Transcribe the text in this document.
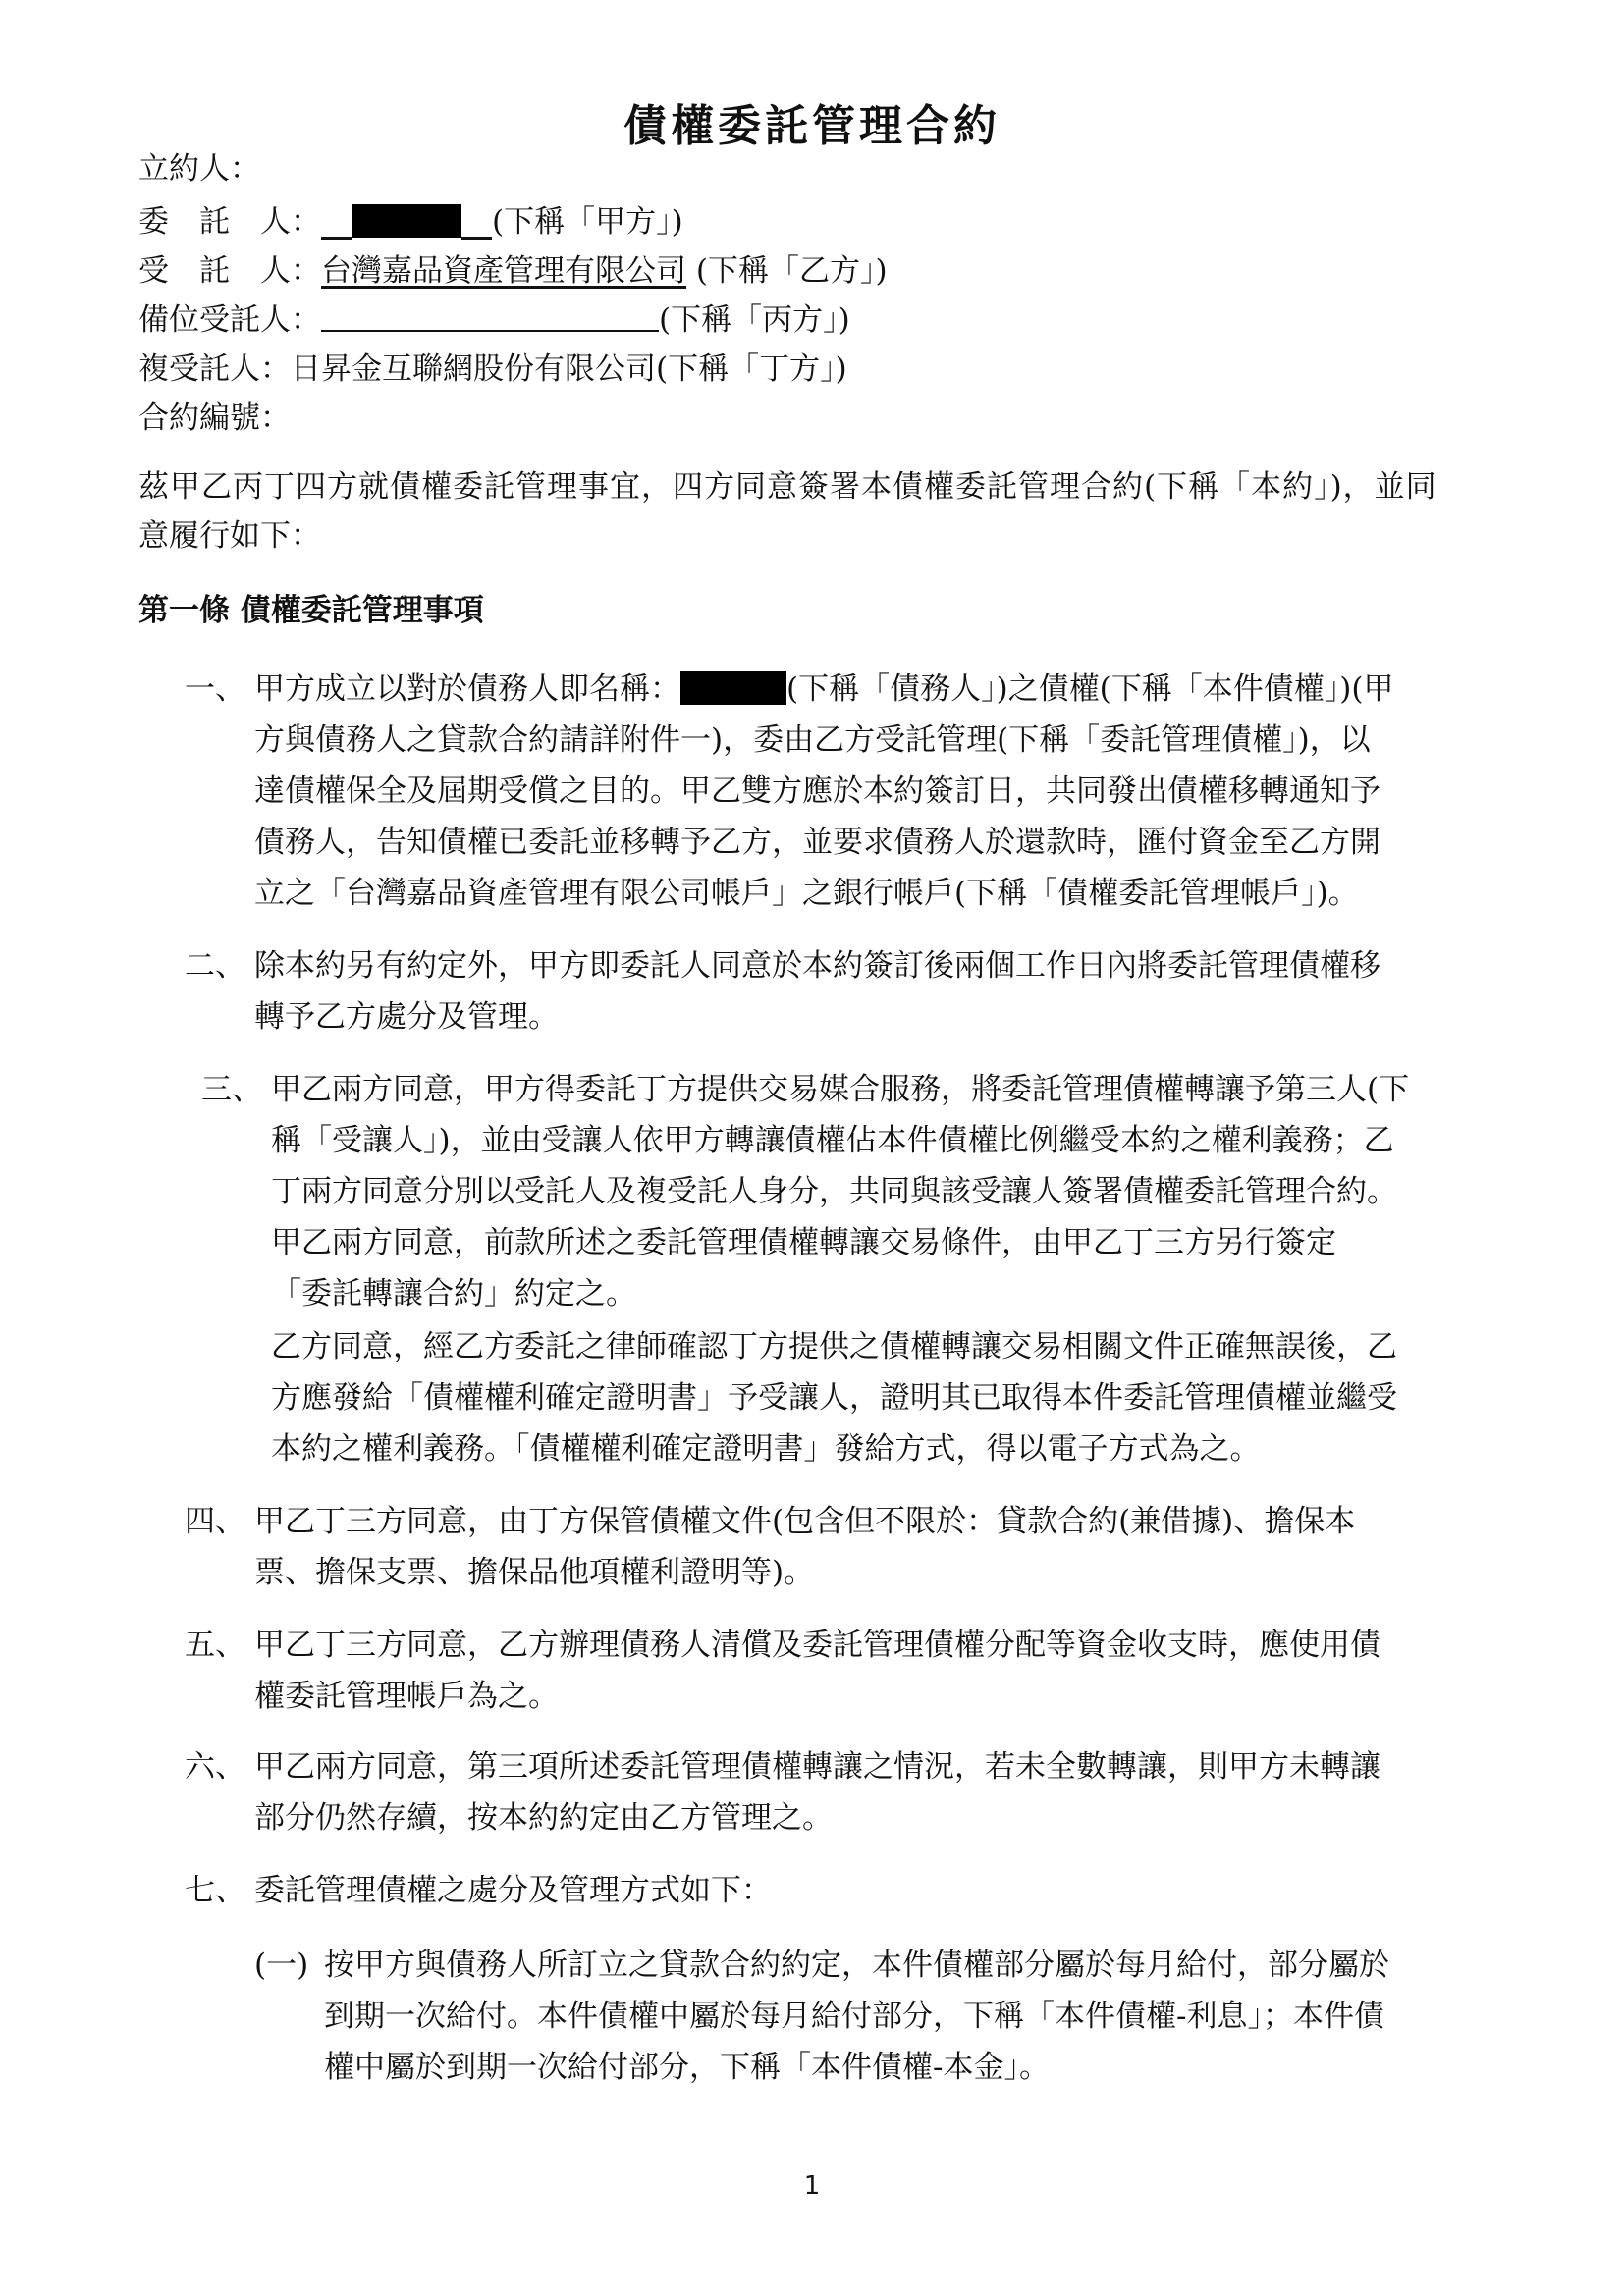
債權委託管理合約
立約人：
委　託　人：  	(下稱「甲方」)
受　託　人：台灣嘉品資產管理有限公司 (下稱「乙方」)
備位受託人：	(下稱「丙方」)
複受託人：日昇金互聯網股份有限公司(下稱「丁方」)
合約編號：
茲甲乙丙丁四方就債權委託管理事宜，四方同意簽署本債權委託管理合約(下稱「本約」)，並同
意履行如下：
第一條 債權委託管理事項
一、 甲方成立以對於債務人即名稱：	(下稱「債務人」)之債權(下稱「本件債權」)(甲
方與債務人之貸款合約請詳附件一)，委由乙方受託管理(下稱「委託管理債權」)，以
達債權保全及屆期受償之目的。甲乙雙方應於本約簽訂日，共同發出債權移轉通知予
債務人，告知債權已委託並移轉予乙方，並要求債務人於還款時，匯付資金至乙方開
立之「台灣嘉品資產管理有限公司帳戶」之銀行帳戶(下稱「債權委託管理帳戶」)。
二、 除本約另有約定外，甲方即委託人同意於本約簽訂後兩個工作日內將委託管理債權移
轉予乙方處分及管理。
三、 甲乙兩方同意，甲方得委託丁方提供交易媒合服務，將委託管理債權轉讓予第三人(下
稱「受讓人」)，並由受讓人依甲方轉讓債權佔本件債權比例繼受本約之權利義務；乙
丁兩方同意分別以受託人及複受託人身分，共同與該受讓人簽署債權委託管理合約。
甲乙兩方同意，前款所述之委託管理債權轉讓交易條件，由甲乙丁三方另行簽定
「委託轉讓合約」約定之。
乙方同意，經乙方委託之律師確認丁方提供之債權轉讓交易相關文件正確無誤後，乙
方應發給「債權權利確定證明書」予受讓人，證明其已取得本件委託管理債權並繼受
本約之權利義務。「債權權利確定證明書」發給方式，得以電子方式為之。
四、 甲乙丁三方同意，由丁方保管債權文件(包含但不限於：貸款合約(兼借據)、擔保本
票、擔保支票、擔保品他項權利證明等)。
五、 甲乙丁三方同意，乙方辦理債務人清償及委託管理債權分配等資金收支時，應使用債
權委託管理帳戶為之。
六、 甲乙兩方同意，第三項所述委託管理債權轉讓之情況，若未全數轉讓，則甲方未轉讓
部分仍然存續，按本約約定由乙方管理之。
七、 委託管理債權之處分及管理方式如下：
(一) 按甲方與債務人所訂立之貸款合約約定，本件債權部分屬於每月給付，部分屬於
到期一次給付。本件債權中屬於每月給付部分，下稱「本件債權-利息」；本件債
權中屬於到期一次給付部分，下稱「本件債權-本金」。
1
